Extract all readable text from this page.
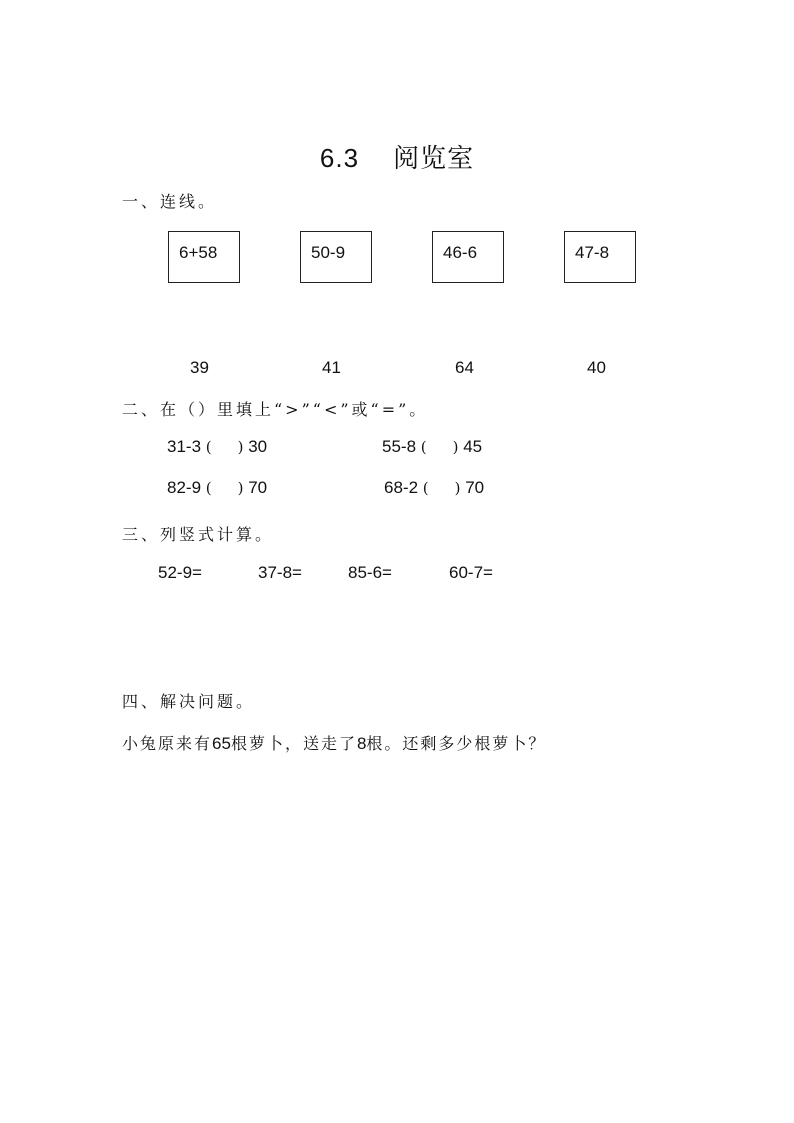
6.3 阅览室
一、连线。
6+58	50-9	46-6	47-8
39	41	64	40
二、在（）里填上“>”“<”或“=”。
31-3 ( ) 30	55-8 ( ) 45
82-9 ( ) 70	68-2 ( ) 70
三、列竖式计算。
52-9=	37-8=	85-6=	60-7=
四、解决问题。
小兔原来有65根萝卜，送走了8根。还剩多少根萝卜？
